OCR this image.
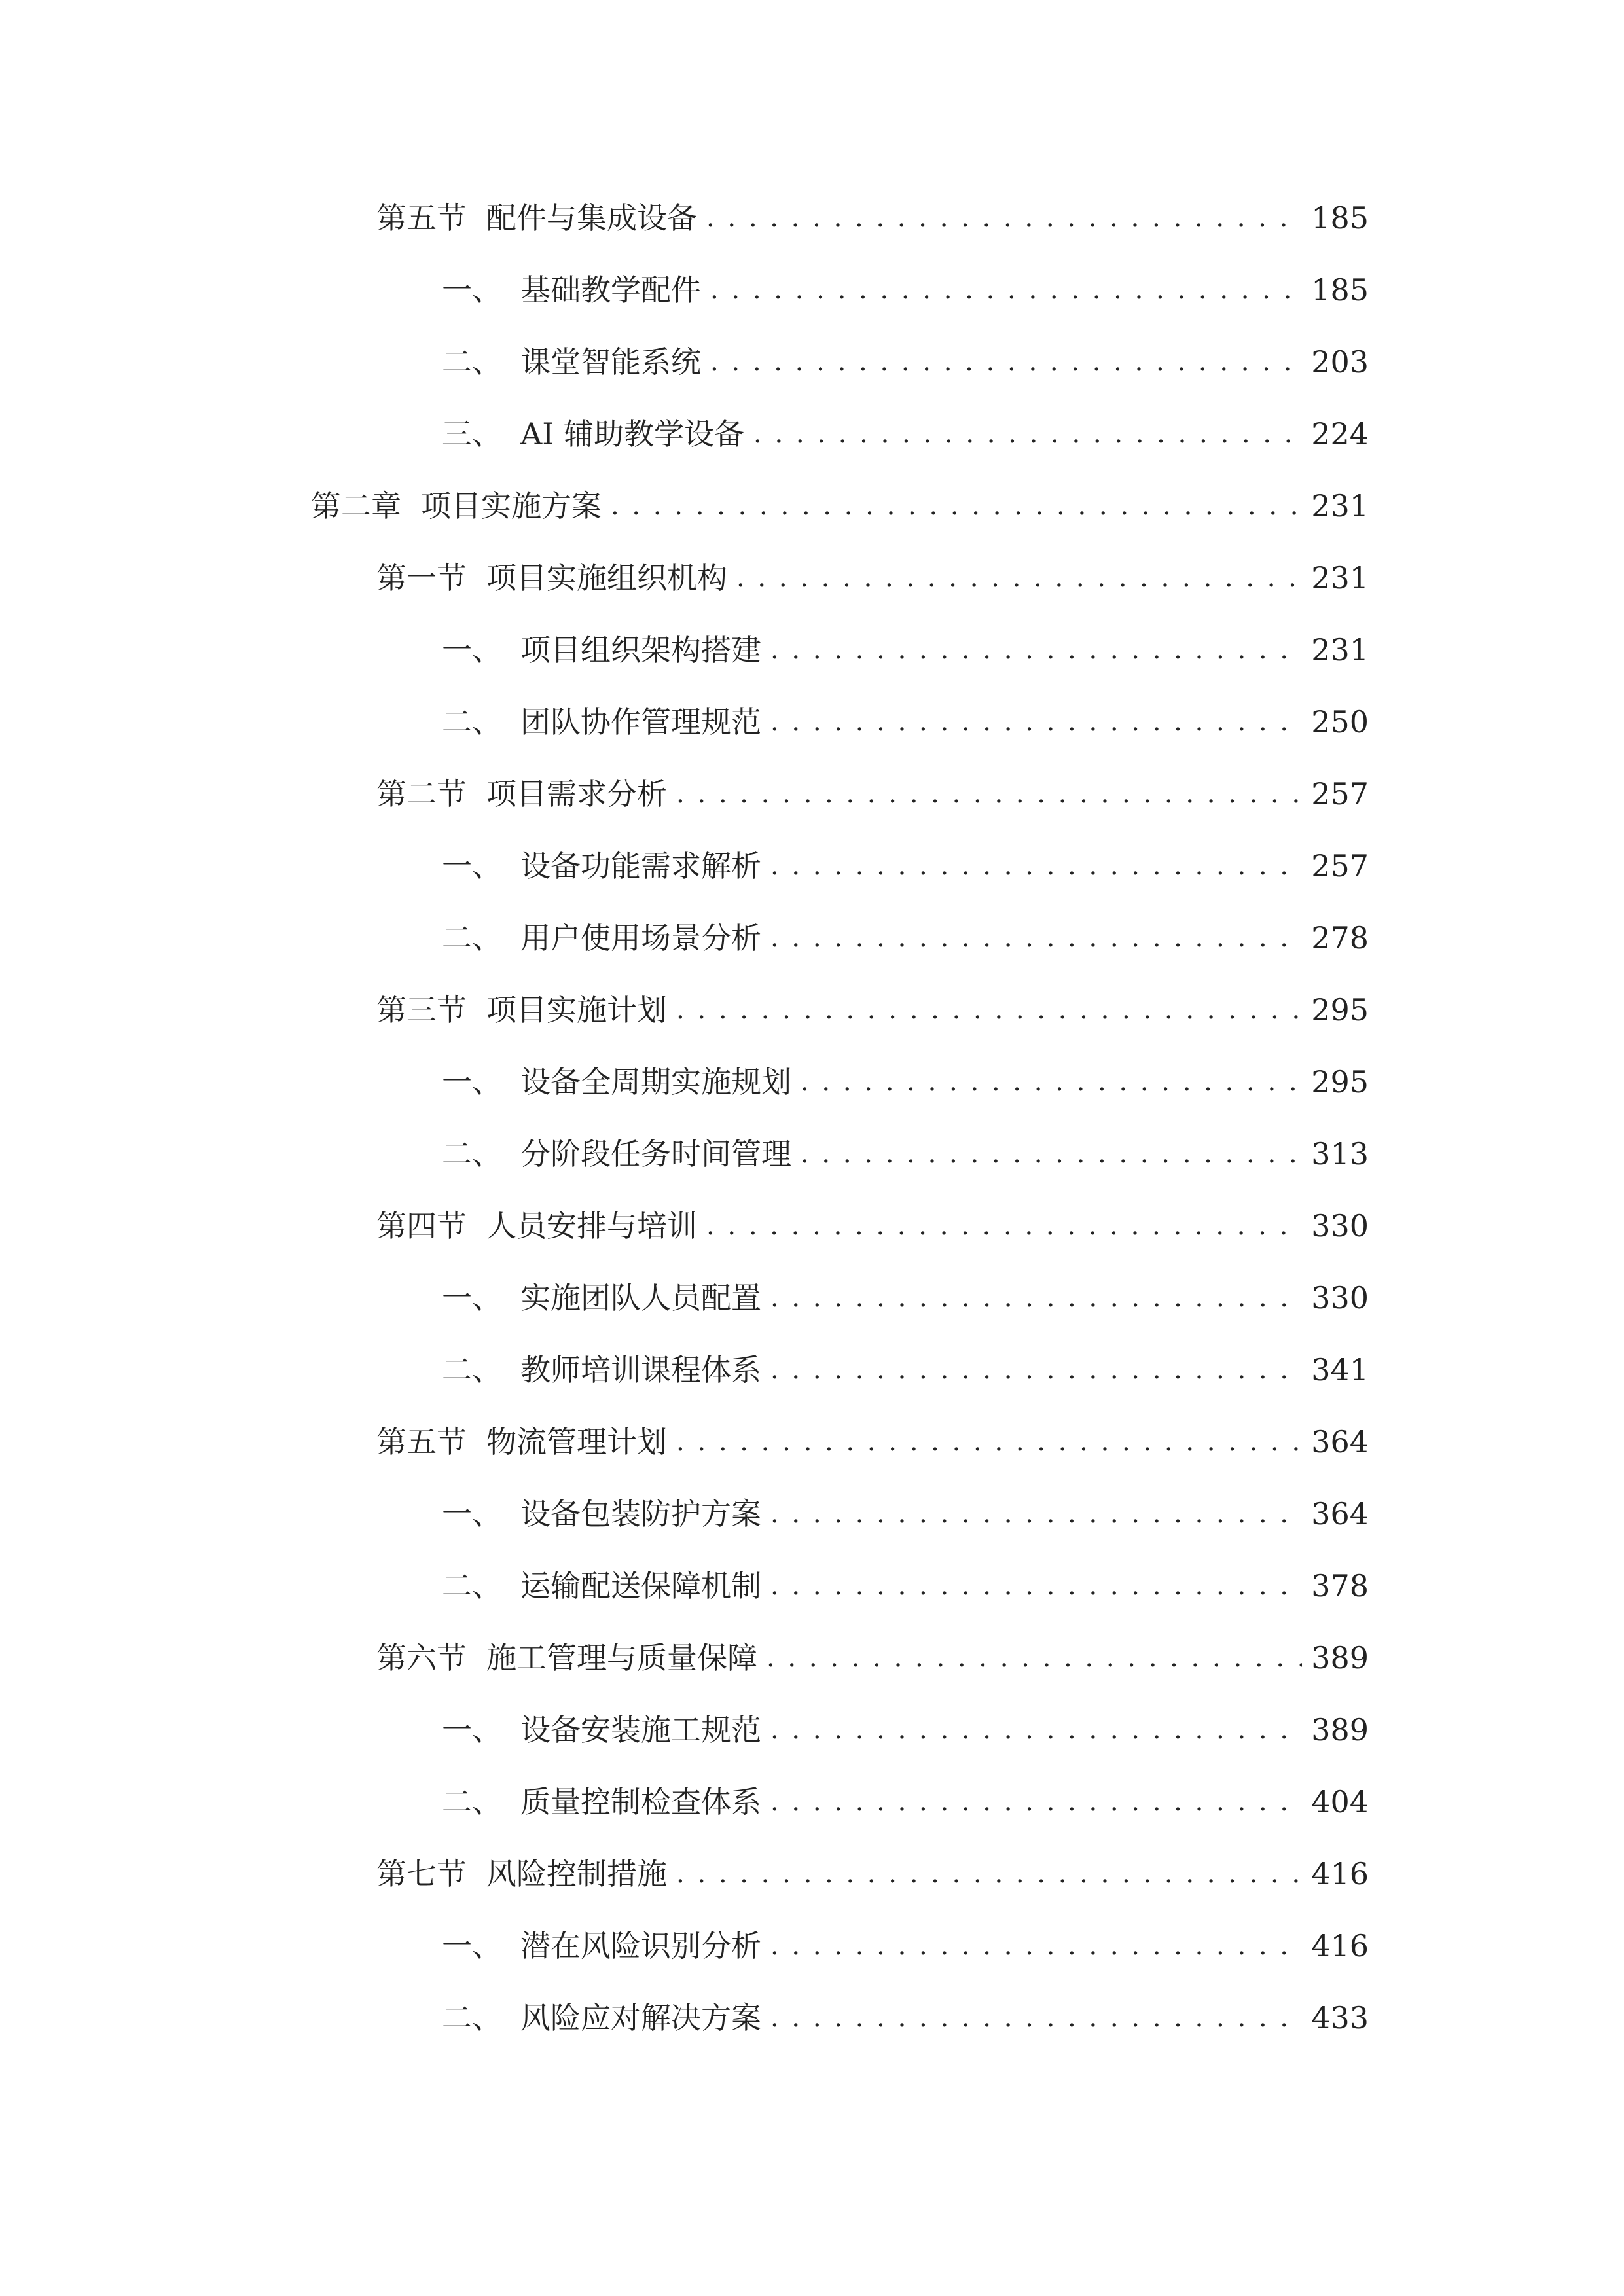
第五节 配件与集成设备 . . .	185
一、 基础教学配件 . . .	185
二、 课堂智能系统 . . .	203
三、 AI 辅助教学设备 . . .	224
第二章 项目实施方案 . . .	231
第一节 项目实施组织机构 . . .	231
一、 项目组织架构搭建 . . .	231
二、 团队协作管理规范 . . .	250
第二节 项目需求分析 . . .	257
一、 设备功能需求解析 . . .	257
二、 用户使用场景分析 . . .	278
第三节 项目实施计划 . . .	295
一、 设备全周期实施规划 . . .	295
二、 分阶段任务时间管理 . . .	313
第四节 人员安排与培训 . . .	330
一、 实施团队人员配置 . . .	330
二、 教师培训课程体系 . . .	341
第五节 物流管理计划 . . .	364
一、 设备包装防护方案 . . .	364
二、 运输配送保障机制 . . .	378
第六节 施工管理与质量保障 . . .	389
一、 设备安装施工规范 . . .	389
二、 质量控制检查体系 . . .	404
第七节 风险控制措施 . . .	416
一、 潜在风险识别分析 . . .	416
二、 风险应对解决方案 . . .	433
